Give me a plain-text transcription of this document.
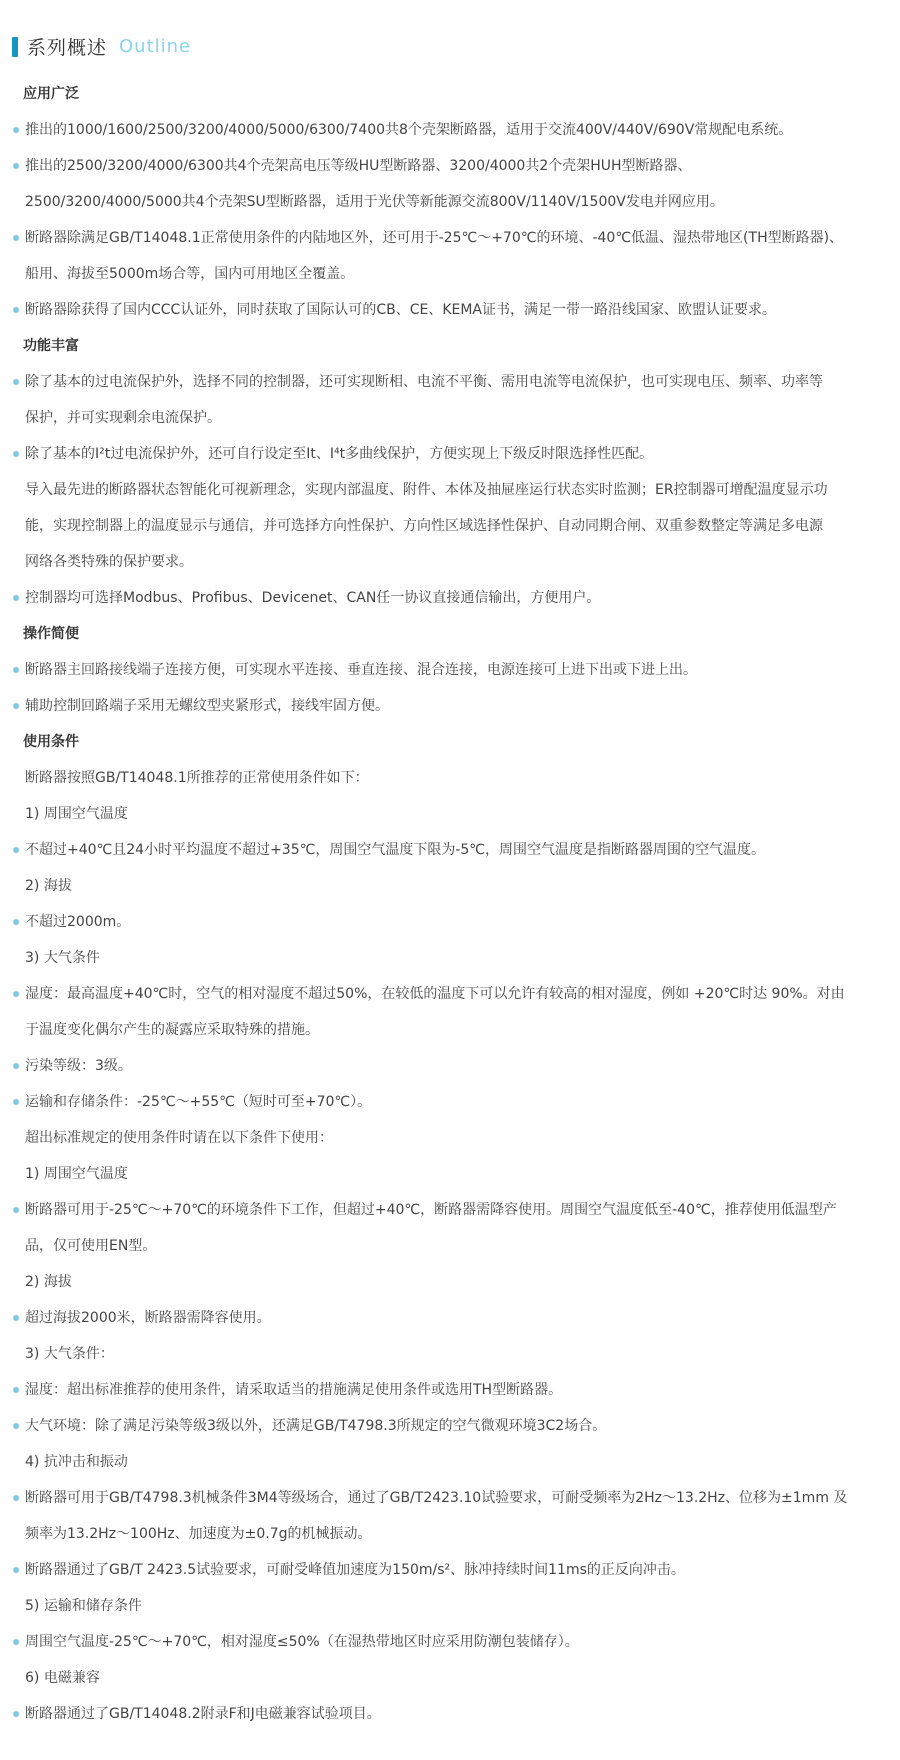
系列概述 Outline
应用广泛
推出的1000/1600/2500/3200/4000/5000/6300/7400共8个壳架断路器，适用于交流400V/440V/690V常规配电系统。
推出的2500/3200/4000/6300共4个壳架高电压等级HU型断路器、3200/4000共2个壳架HUH型断路器、
2500/3200/4000/5000共4个壳架SU型断路器，适用于光伏等新能源交流800V/1140V/1500V发电并网应用。
断路器除满足GB/T14048.1正常使用条件的内陆地区外，还可用于-25℃～+70℃的环境、-40℃低温、湿热带地区(TH型断路器)、
船用、海拔至5000m场合等，国内可用地区全覆盖。
断路器除获得了国内CCC认证外，同时获取了国际认可的CB、CE、KEMA证书，满足一带一路沿线国家、欧盟认证要求。
功能丰富
除了基本的过电流保护外，选择不同的控制器，还可实现断相、电流不平衡、需用电流等电流保护，也可实现电压、频率、功率等
保护，并可实现剩余电流保护。
除了基本的I²t过电流保护外，还可自行设定至It、I⁴t多曲线保护，方便实现上下级反时限选择性匹配。
导入最先进的断路器状态智能化可视新理念，实现内部温度、附件、本体及抽屉座运行状态实时监测；ER控制器可增配温度显示功
能，实现控制器上的温度显示与通信，并可选择方向性保护、方向性区域选择性保护、自动同期合闸、双重参数整定等满足多电源
网络各类特殊的保护要求。
控制器均可选择Modbus、Profibus、Devicenet、CAN任一协议直接通信输出，方便用户。
操作简便
断路器主回路接线端子连接方便，可实现水平连接、垂直连接、混合连接，电源连接可上进下出或下进上出。
辅助控制回路端子采用无螺纹型夹紧形式，接线牢固方便。
使用条件
断路器按照GB/T14048.1所推荐的正常使用条件如下：
1) 周围空气温度
不超过+40℃且24小时平均温度不超过+35℃，周围空气温度下限为-5℃，周围空气温度是指断路器周围的空气温度。
2) 海拔
不超过2000m。
3) 大气条件
湿度：最高温度+40℃时，空气的相对湿度不超过50%，在较低的温度下可以允许有较高的相对湿度，例如 +20℃时达 90%。对由
于温度变化偶尔产生的凝露应采取特殊的措施。
污染等级：3级。
运输和存储条件：-25℃～+55℃（短时可至+70℃）。
超出标准规定的使用条件时请在以下条件下使用：
1) 周围空气温度
断路器可用于-25℃～+70℃的环境条件下工作，但超过+40℃，断路器需降容使用。周围空气温度低至-40℃，推荐使用低温型产
品，仅可使用EN型。
2) 海拔
超过海拔2000米，断路器需降容使用。
3) 大气条件：
湿度：超出标准推荐的使用条件，请采取适当的措施满足使用条件或选用TH型断路器。
大气环境：除了满足污染等级3级以外，还满足GB/T4798.3所规定的空气微观环境3C2场合。
4) 抗冲击和振动
断路器可用于GB/T4798.3机械条件3M4等级场合，通过了GB/T2423.10试验要求，可耐受频率为2Hz～13.2Hz、位移为±1mm 及
频率为13.2Hz～100Hz、加速度为±0.7g的机械振动。
断路器通过了GB/T 2423.5试验要求，可耐受峰值加速度为150m/s²、脉冲持续时间11ms的正反向冲击。
5) 运输和储存条件
周围空气温度-25℃～+70℃，相对湿度≤50%（在湿热带地区时应采用防潮包装储存）。
6) 电磁兼容
断路器通过了GB/T14048.2附录F和J电磁兼容试验项目。
